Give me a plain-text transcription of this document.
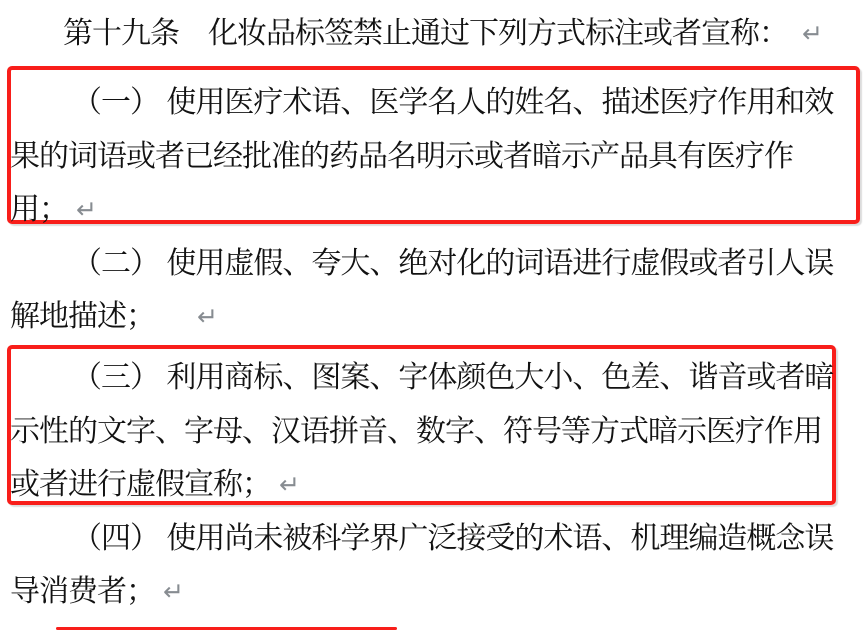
第十九条　化妆品标签禁止通过下列方式标注或者宣称： ↵
（一） 使用医疗术语、医学名人的姓名、描述医疗作用和效
果的词语或者已经批准的药品名明示或者暗示产品具有医疗作
用； ↵
（二） 使用虚假、夸大、绝对化的词语进行虚假或者引人误
解地描述； ↵
（三） 利用商标、图案、字体颜色大小、色差、谐音或者暗
示性的文字、字母、汉语拼音、数字、符号等方式暗示医疗作用
或者进行虚假宣称； ↵
（四） 使用尚未被科学界广泛接受的术语、机理编造概念误
导消费者； ↵
